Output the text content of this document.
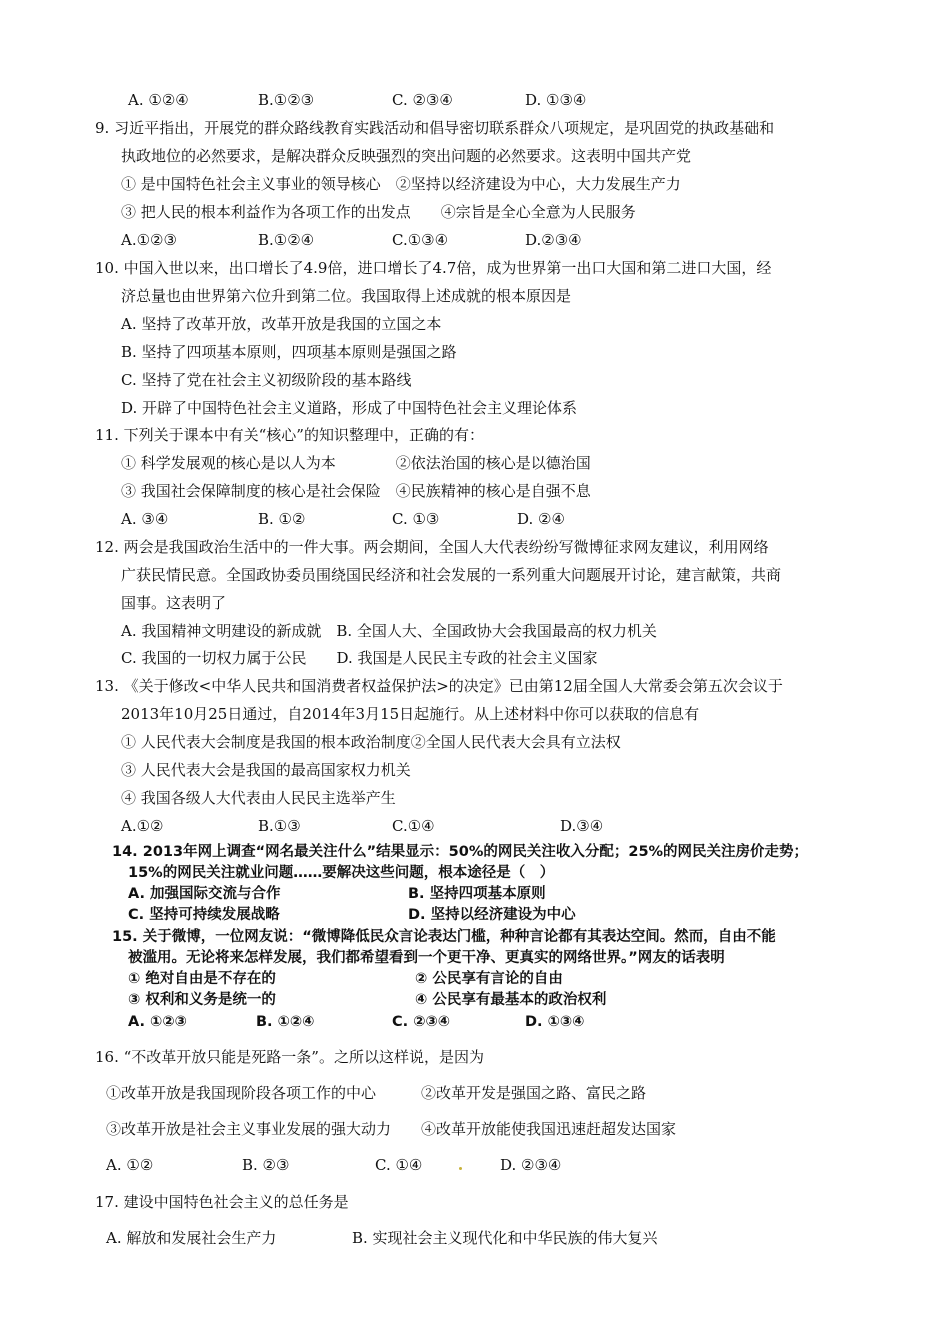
A. ①②④	B.①②③	C. ②③④	D. ①③④
9. 习近平指出，开展党的群众路线教育实践活动和倡导密切联系群众八项规定，是巩固党的执政基础和
执政地位的必然要求，是解决群众反映强烈的突出问题的必然要求。这表明中国共产党
① 是中国特色社会主义事业的领导核心　②坚持以经济建设为中心，大力发展生产力
③ 把人民的根本利益作为各项工作的出发点　　④宗旨是全心全意为人民服务
A.①②③	B.①②④	C.①③④	D.②③④
10. 中国入世以来，出口增长了4.9倍，进口增长了4.7倍，成为世界第一出口大国和第二进口大国，经
济总量也由世界第六位升到第二位。我国取得上述成就的根本原因是
A. 坚持了改革开放，改革开放是我国的立国之本
B. 坚持了四项基本原则，四项基本原则是强国之路
C. 坚持了党在社会主义初级阶段的基本路线
D. 开辟了中国特色社会主义道路，形成了中国特色社会主义理论体系
11. 下列关于课本中有关“核心”的知识整理中，正确的有：
① 科学发展观的核心是以人为本　　　　②依法治国的核心是以德治国
③ 我国社会保障制度的核心是社会保险　④民族精神的核心是自强不息
A. ③④	B. ①②	C. ①③	D. ②④
12. 两会是我国政治生活中的一件大事。两会期间，全国人大代表纷纷写微博征求网友建议，利用网络
广获民情民意。全国政协委员围绕国民经济和社会发展的一系列重大问题展开讨论，建言献策，共商
国事。这表明了
A. 我国精神文明建设的新成就　B. 全国人大、全国政协大会我国最高的权力机关
C. 我国的一切权力属于公民　　D. 我国是人民民主专政的社会主义国家
13. 《关于修改<中华人民共和国消费者权益保护法>的决定》已由第12届全国人大常委会第五次会议于
2013年10月25日通过，自2014年3月15日起施行。从上述材料中你可以获取的信息有
① 人民代表大会制度是我国的根本政治制度②全国人民代表大会具有立法权
③ 人民代表大会是我国的最高国家权力机关
④ 我国各级人大代表由人民民主选举产生
A.①②	B.①③	C.①④	D.③④
14. 2013年网上调查“网名最关注什么”结果显示：50%的网民关注收入分配；25%的网民关注房价走势；
15%的网民关注就业问题……要解决这些问题，根本途径是（　）
A. 加强国际交流与合作	B. 坚持四项基本原则
C. 坚持可持续发展战略	D. 坚持以经济建设为中心
15. 关于微博，一位网友说：“微博降低民众言论表达门槛，种种言论都有其表达空间。然而，自由不能
被滥用。无论将来怎样发展，我们都希望看到一个更干净、更真实的网络世界。”网友的话表明
① 绝对自由是不存在的	② 公民享有言论的自由
③ 权利和义务是统一的	④ 公民享有最基本的政治权利
A. ①②③	B. ①②④	C. ②③④	D. ①③④
16. “不改革开放只能是死路一条”。之所以这样说，是因为
①改革开放是我国现阶段各项工作的中心　　　②改革开发是强国之路、富民之路
③改革开放是社会主义事业发展的强大动力　　④改革开放能使我国迅速赶超发达国家
A. ①②	B. ②③	C. ①④	D. ②③④
17. 建设中国特色社会主义的总任务是
A. 解放和发展社会生产力	B. 实现社会主义现代化和中华民族的伟大复兴
